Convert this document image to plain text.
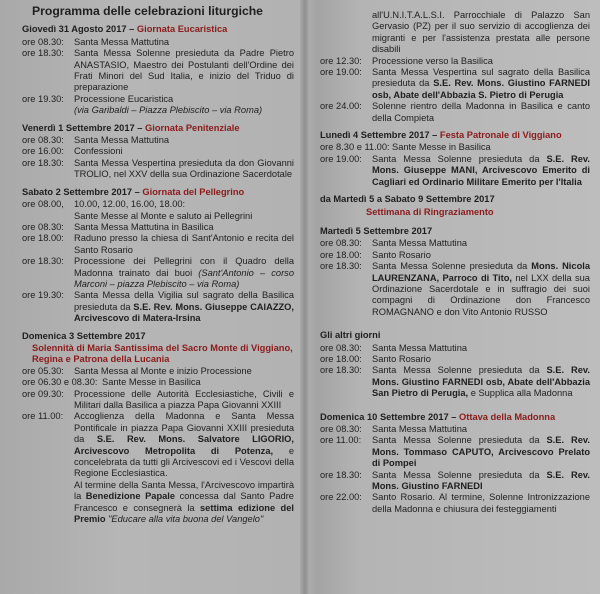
Programma delle celebrazioni liturgiche
Giovedì 31 Agosto 2017 – Giornata Eucaristica
ore 08.30:	Santa Messa Mattutina
ore 18.30:	Santa Messa Solenne presieduta da Padre Pietro ANASTASIO, Maestro dei Postulanti dell'Ordine dei Frati Minori del Sud Italia, e inizio del Triduo di preparazione
ore 19.30:	Processione Eucaristica
(via Garibaldi – Piazza Plebiscito – via Roma)
Venerdì 1 Settembre 2017 – Giornata Penitenziale
ore 08.30:	Santa Messa Mattutina
ore 16.00:	Confessioni
ore 18.30:	Santa Messa Vespertina presieduta da don Giovanni TROLIO, nel XXV della sua Ordinazione Sacerdotale
Sabato 2 Settembre 2017 – Giornata del Pellegrino
ore 08.00,	10.00, 12.00, 16.00, 18.00:
Sante Messe al Monte e saluto ai Pellegrini
ore 08.30:	Santa Messa Mattutina in Basilica
ore 18.00:	Raduno presso la chiesa di Sant'Antonio e recita del Santo Rosario
ore 18.30:	Processione dei Pellegrini con il Quadro della Madonna trainato dai buoi (Sant'Antonio – corso Marconi – piazza Plebiscito – via Roma)
ore 19.30:	Santa Messa della Vigilia sul sagrato della Basilica presieduta da S.E. Rev. Mons. Giuseppe CAIAZZO, Arcivescovo di Matera-Irsina
Domenica 3 Settembre 2017
Solennità di Maria Santissima del Sacro Monte di Viggiano, Regina e Patrona della Lucania
ore 05.30:	Santa Messa al Monte e inizio Processione
ore 06.30 e 08.30: Sante Messe in Basilica
ore 09.30:	Processione delle Autorità Ecclesiastiche, Civili e Militari dalla Basilica a piazza Papa Giovanni XXIII
ore 11.00:	Accoglienza della Madonna e Santa Messa Pontificale in piazza Papa Giovanni XXIII presieduta da S.E. Rev. Mons. Salvatore LIGORIO, Arcivescovo Metropolita di Potenza, e concelebrata da tutti gli Arcivescovi ed i Vescovi della Regione Ecclesiastica.
Al termine della Santa Messa, l'Arcivescovo impartirà la Benedizione Papale concessa dal Santo Padre Francesco e consegnerà la settima edizione del Premio "Educare alla vita buona del Vangelo"
all'U.N.I.T.A.L.S.I. Parrocchiale di Palazzo San Gervasio (PZ) per il suo servizio di accoglienza dei migranti e per l'assistenza prestata alle persone disabili
ore 12.30:	Processione verso la Basilica
ore 19.00:	Santa Messa Vespertina sul sagrato della Basilica presieduta da S.E. Rev. Mons. Giustino FARNEDI osb, Abate dell'Abbazia S. Pietro di Perugia
ore 24.00:	Solenne rientro della Madonna in Basilica e canto della Compieta
Lunedì 4 Settembre 2017 – Festa Patronale di Viggiano
ore 8.30 e 11.00: Sante Messe in Basilica
ore 19.00:	Santa Messa Solenne presieduta da S.E. Rev. Mons. Giuseppe MANI, Arcivescovo Emerito di Cagliari ed Ordinario Militare Emerito per l'Italia
da Martedì 5 a Sabato 9 Settembre 2017
Settimana di Ringraziamento
Martedì 5 Settembre 2017
ore 08.30:	Santa Messa Mattutina
ore 18.00:	Santo Rosario
ore 18.30:	Santa Messa Solenne presieduta da Mons. Nicola LAURENZANA, Parroco di Tito, nel LXX della sua Ordinazione Sacerdotale e in suffragio dei suoi compagni di Ordinazione don Francesco ROMAGNANO e don Vito Antonio RUSSO
Gli altri giorni
ore 08.30:	Santa Messa Mattutina
ore 18.00:	Santo Rosario
ore 18.30:	Santa Messa Solenne presieduta da S.E. Rev. Mons. Giustino FARNEDI osb, Abate dell'Abbazia San Pietro di Perugia, e Supplica alla Madonna
Domenica 10 Settembre 2017 – Ottava della Madonna
ore 08.30:	Santa Messa Mattutina
ore 11.00:	Santa Messa Solenne presieduta da S.E. Rev. Mons. Tommaso CAPUTO, Arcivescovo Prelato di Pompei
ore 18.30:	Santa Messa Solenne presieduta da S.E. Rev. Mons. Giustino FARNEDI
ore 22.00:	Santo Rosario. Al termine, Solenne Intronizzazione della Madonna e chiusura dei festeggiamenti
